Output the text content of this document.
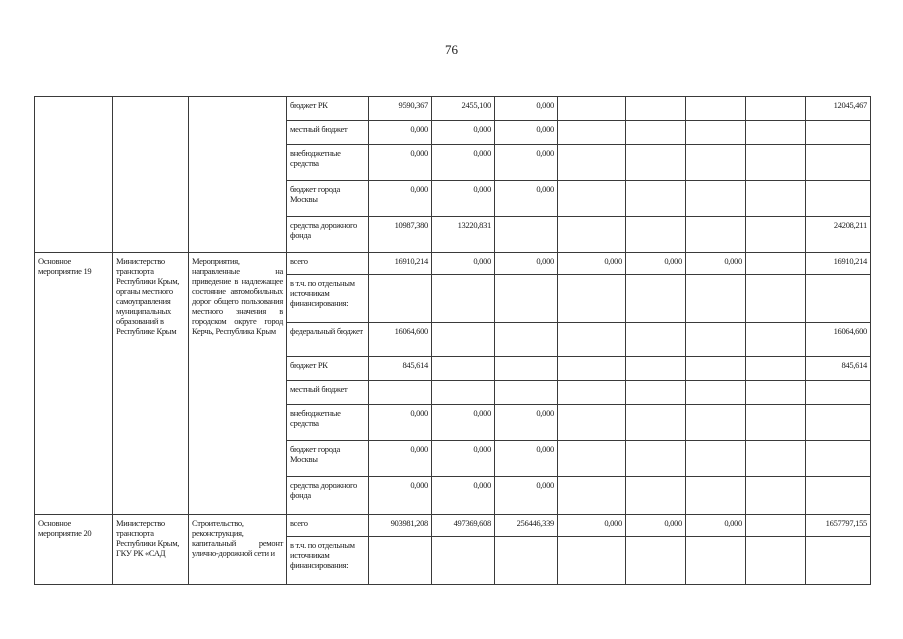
76
			бюджет РК	9590,367	2455,100	0,000					12045,467
			местный бюджет	0,000	0,000	0,000					
			внебюджетные средства	0,000	0,000	0,000					
			бюджет города Москвы	0,000	0,000	0,000					
			средства дорожного фонда	10987,380	13220,831						24208,211
Основное мероприятие 19	Министерство транспорта Республики Крым, органы местного самоуправления муниципальных образований в Республике Крым	Мероприятия, направленные на приведение в надлежащее состояние автомобильных дорог общего пользования местного значения в городском округе город Керчь, Республика Крым	всего	16910,214	0,000	0,000	0,000	0,000	0,000		16910,214
			в т.ч. по отдельным источникам финансирования:								
			федеральный бюджет	16064,600							16064,600
			бюджет РК	845,614							845,614
			местный бюджет								
			внебюджетные средства	0,000	0,000	0,000					
			бюджет города Москвы	0,000	0,000	0,000					
			средства дорожного фонда	0,000	0,000	0,000					
Основное мероприятие 20	Министерство транспорта Республики Крым, ГКУ РК «САД	Строительство, реконструкция, капитальный ремонт улично-дорожной сети и	всего	903981,208	497369,608	256446,339	0,000	0,000	0,000		1657797,155
			в т.ч. по отдельным источникам финансирования:								
